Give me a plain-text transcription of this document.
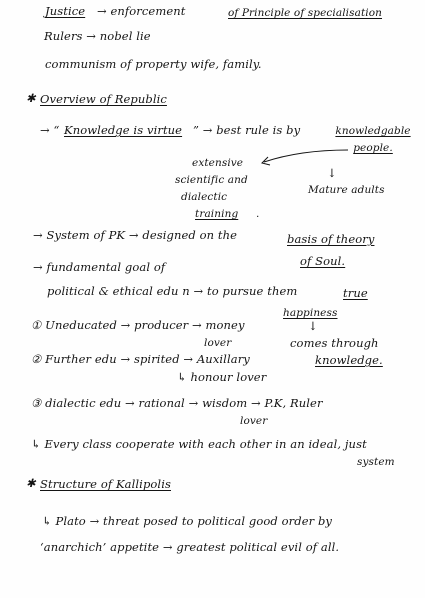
Justice → enforcement	of Principle of specialisation
Rulers → nobel lie
communism of property wife, family.
✱ Overview of Republic
→ “ Knowledge is virtue ” → best rule is by	knowledgable people.
extensive
scientific and
dialectic
training .
↓
Mature adults
→ System of PK → designed on the	basis of theory
of Soul.
→ fundamental goal of
political & ethical edu n → to pursue them	true
happiness
↓
comes through
knowledge.
① Uneducated → producer → money
lover
② Further edu → spirited → Auxillary
↳ honour lover
③ dialectic edu → rational → wisdom → P.K, Ruler
lover
↳ Every class cooperate with each other in an ideal, just
system
✱ Structure of Kallipolis
↳ Plato → threat posed to political good order by
‘anarchich’ appetite → greatest political evil of all.
